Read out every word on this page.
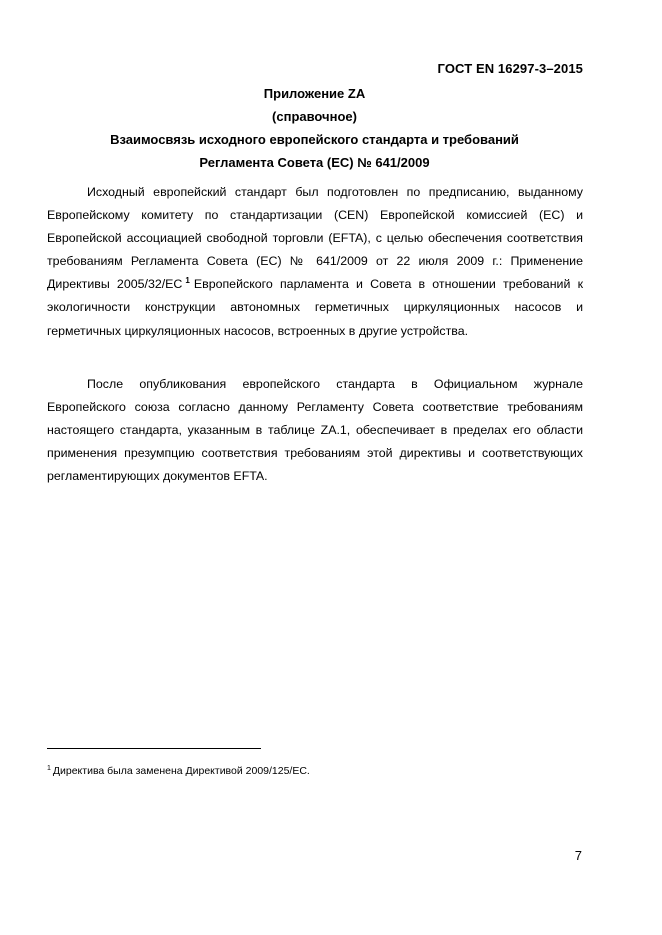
ГОСТ EN 16297-3–2015
Приложение ZA
(справочное)
Взаимосвязь исходного европейского стандарта и требований
Регламента Совета (ЕС) № 641/2009

Исходный европейский стандарт был подготовлен по предписанию, выданному Европейскому комитету по стандартизации (CEN) Европейской комиссией (ЕС) и Европейской ассоциацией свободной торговли (EFTA), с целью обеспечения соответствия требованиям Регламента Совета (ЕС) № 641/2009 от 22 июля 2009 г.: Применение Директивы 2005/32/ЕС $^1$ Европейского парламента и Совета в отношении требований к экологичности конструкции автономных герметичных циркуляционных насосов и герметичных циркуляционных насосов, встроенных в другие устройства.

После опубликования европейского стандарта в Официальном журнале Европейского союза согласно данному Регламенту Совета соответствие требованиям настоящего стандарта, указанным в таблице ZA.1, обеспечивает в пределах его области применения презумпцию соответствия требованиям этой директивы и соответствующих регламентирующих документов EFTA.

$^1$ Директива была заменена Директивой 2009/125/ЕС.
7
